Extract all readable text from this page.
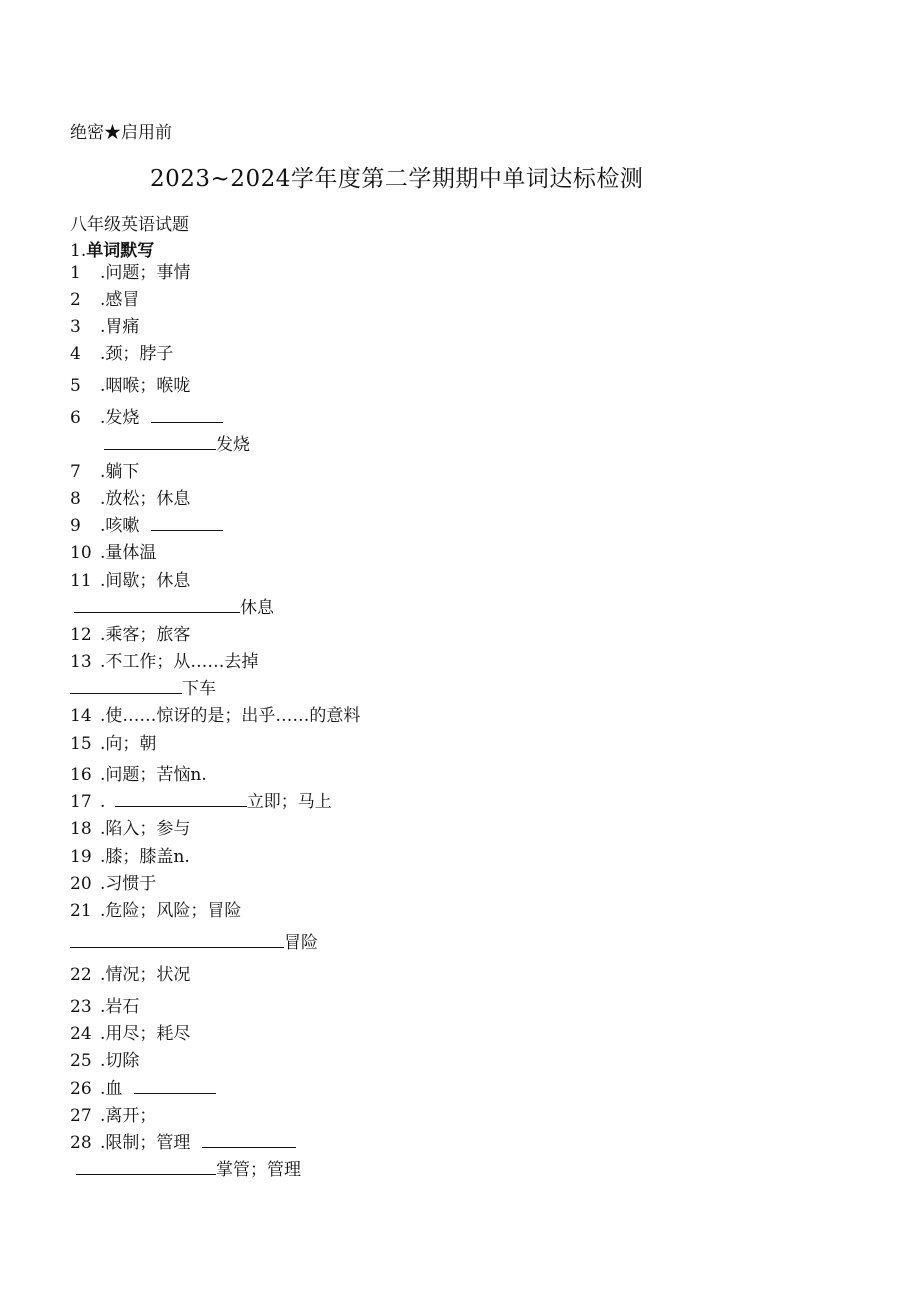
绝密★启用前
2023~2024学年度第二学期期中单词达标检测
八年级英语试题
1.单词默写
1 .问题；事情
2 .感冒
3 .胃痛
4 .颈；脖子
5 .咽喉；喉咙
6 .发烧
发烧
7 .躺下
8 .放松；休息
9 .咳嗽
10 .量体温
11 .间歇；休息
休息
12 .乘客；旅客
13 .不工作；从……去掉
下车
14 .使……惊讶的是；出乎……的意料
15 .向；朝
16 .问题；苦恼n.
17 .	立即；马上
18 .陷入；参与
19 .膝；膝盖n.
20 .习惯于
21 .危险；风险；冒险
冒险
22 .情况；状况
23 .岩石
24 .用尽；耗尽
25 .切除
26 .血
27 .离开；
28 .限制；管理
掌管；管理
